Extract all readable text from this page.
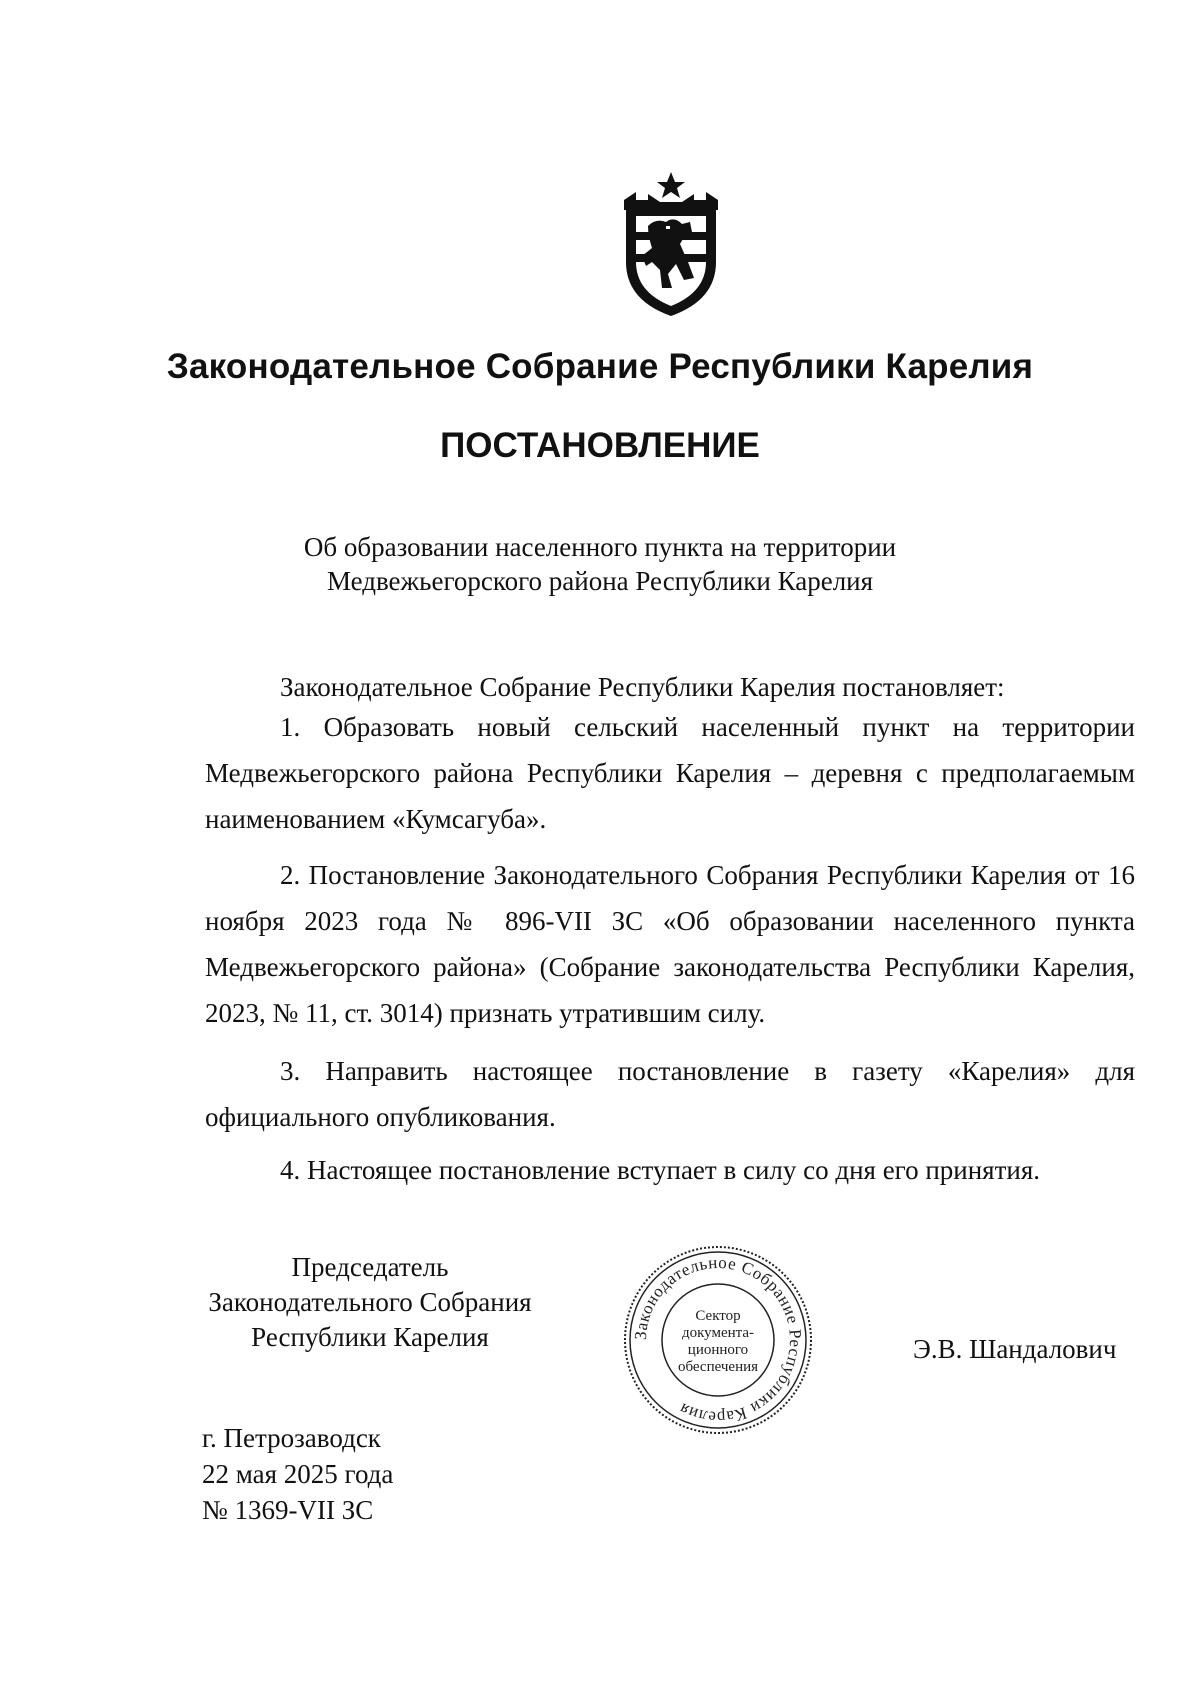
Законодательное Собрание Республики Карелия
ПОСТАНОВЛЕНИЕ
Об образовании населенного пункта на территории
Медвежьегорского района Республики Карелия
Законодательное Собрание Республики Карелия постановляет:

1. Образовать новый сельский населенный пункт на территории Медвежьегорского района Республики Карелия – деревня с предполагаемым наименованием «Кумсагуба».

2. Постановление Законодательного Собрания Республики Карелия от 16 ноября 2023 года № 896-VII ЗС «Об образовании населенного пункта Медвежьегорского района» (Собрание законодательства Республики Карелия, 2023, № 11, ст. 3014) признать утратившим силу.

3. Направить настоящее постановление в газету «Карелия» для официального опубликования.

4. Настоящее постановление вступает в силу со дня его принятия.

Председатель
Законодательного Собрания
Республики Карелия	Законодательное Собрание Республики Карелия
Сектор
документа-
ционного
обеспечения
Э.В. Шандалович
г. Петрозаводск
22 мая 2025 года
№ 1369-VII ЗС
